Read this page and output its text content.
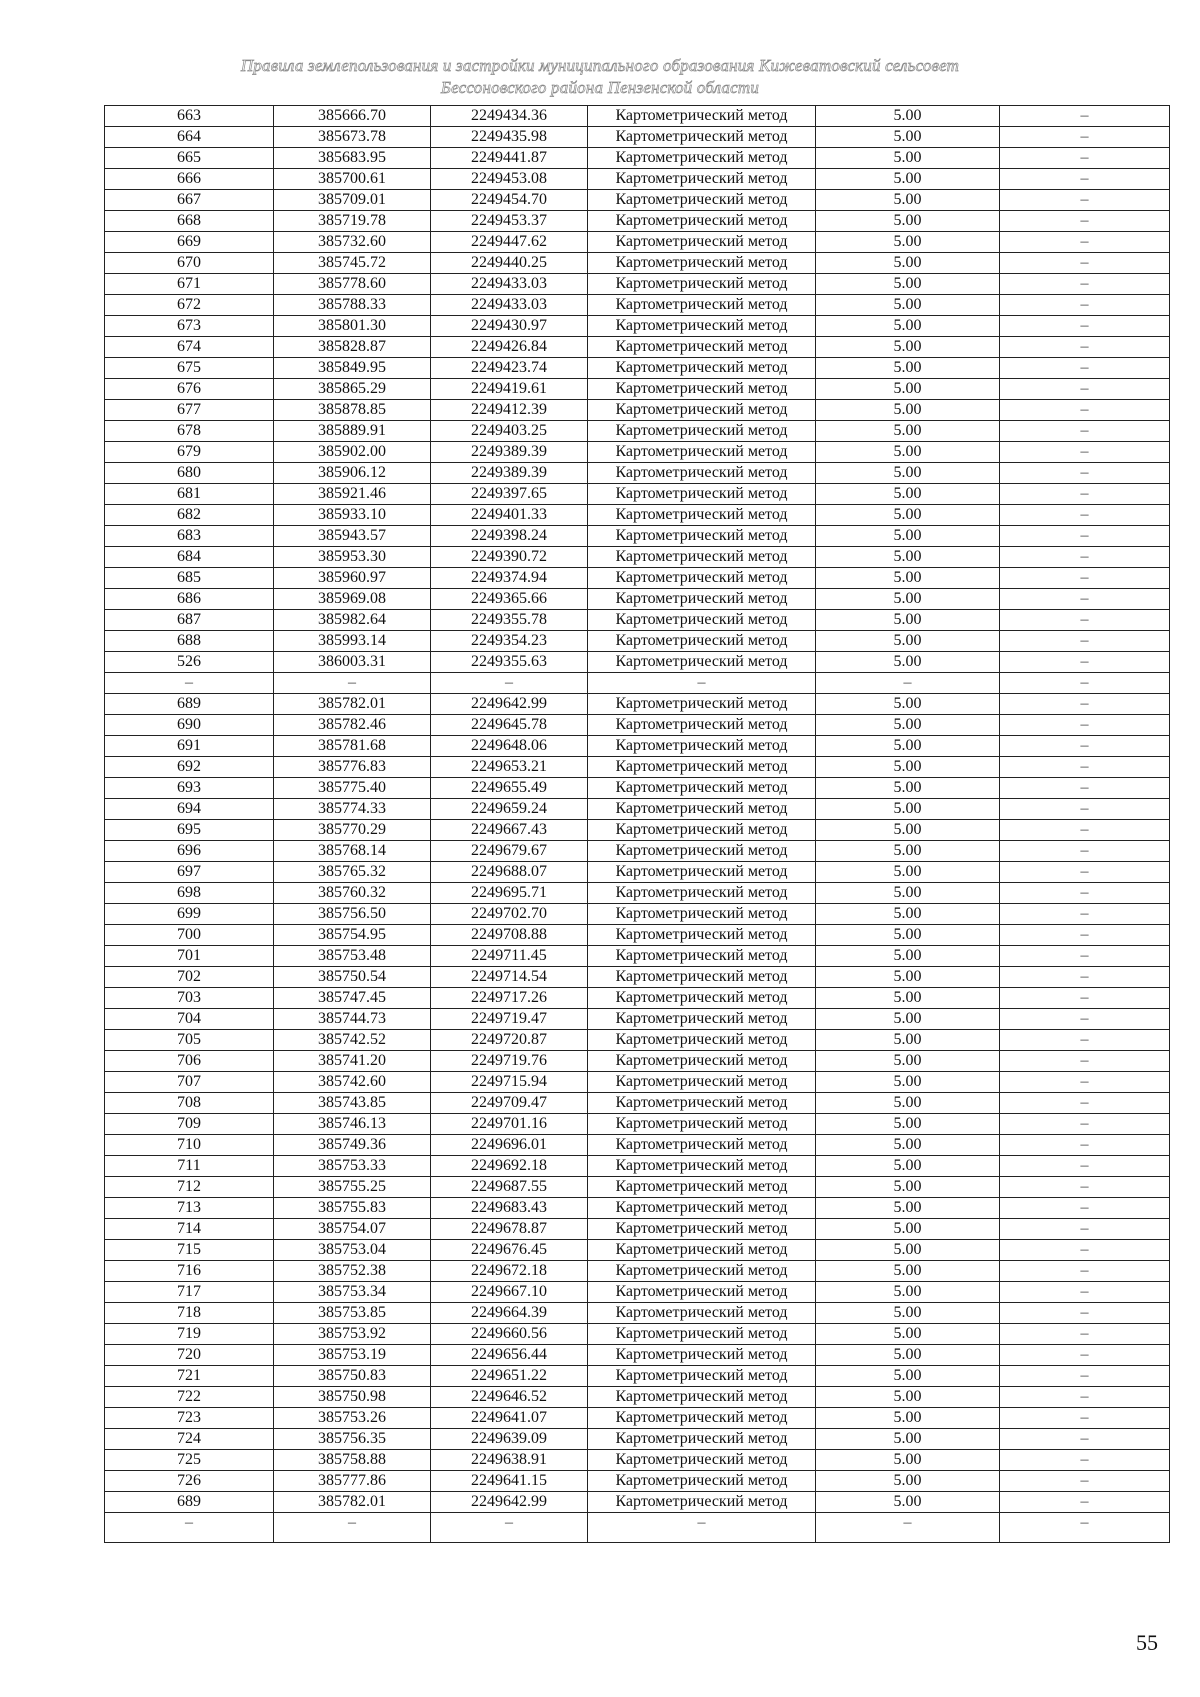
Правила землепользования и застройки муниципального образования Кижеватовский сельсовет
Бессоновского района Пензенской области
663	385666.70	2249434.36	Картометрический метод	5.00	–
664	385673.78	2249435.98	Картометрический метод	5.00	–
665	385683.95	2249441.87	Картометрический метод	5.00	–
666	385700.61	2249453.08	Картометрический метод	5.00	–
667	385709.01	2249454.70	Картометрический метод	5.00	–
668	385719.78	2249453.37	Картометрический метод	5.00	–
669	385732.60	2249447.62	Картометрический метод	5.00	–
670	385745.72	2249440.25	Картометрический метод	5.00	–
671	385778.60	2249433.03	Картометрический метод	5.00	–
672	385788.33	2249433.03	Картометрический метод	5.00	–
673	385801.30	2249430.97	Картометрический метод	5.00	–
674	385828.87	2249426.84	Картометрический метод	5.00	–
675	385849.95	2249423.74	Картометрический метод	5.00	–
676	385865.29	2249419.61	Картометрический метод	5.00	–
677	385878.85	2249412.39	Картометрический метод	5.00	–
678	385889.91	2249403.25	Картометрический метод	5.00	–
679	385902.00	2249389.39	Картометрический метод	5.00	–
680	385906.12	2249389.39	Картометрический метод	5.00	–
681	385921.46	2249397.65	Картометрический метод	5.00	–
682	385933.10	2249401.33	Картометрический метод	5.00	–
683	385943.57	2249398.24	Картометрический метод	5.00	–
684	385953.30	2249390.72	Картометрический метод	5.00	–
685	385960.97	2249374.94	Картометрический метод	5.00	–
686	385969.08	2249365.66	Картометрический метод	5.00	–
687	385982.64	2249355.78	Картометрический метод	5.00	–
688	385993.14	2249354.23	Картометрический метод	5.00	–
526	386003.31	2249355.63	Картометрический метод	5.00	–
–	–	–	–	–	–
689	385782.01	2249642.99	Картометрический метод	5.00	–
690	385782.46	2249645.78	Картометрический метод	5.00	–
691	385781.68	2249648.06	Картометрический метод	5.00	–
692	385776.83	2249653.21	Картометрический метод	5.00	–
693	385775.40	2249655.49	Картометрический метод	5.00	–
694	385774.33	2249659.24	Картометрический метод	5.00	–
695	385770.29	2249667.43	Картометрический метод	5.00	–
696	385768.14	2249679.67	Картометрический метод	5.00	–
697	385765.32	2249688.07	Картометрический метод	5.00	–
698	385760.32	2249695.71	Картометрический метод	5.00	–
699	385756.50	2249702.70	Картометрический метод	5.00	–
700	385754.95	2249708.88	Картометрический метод	5.00	–
701	385753.48	2249711.45	Картометрический метод	5.00	–
702	385750.54	2249714.54	Картометрический метод	5.00	–
703	385747.45	2249717.26	Картометрический метод	5.00	–
704	385744.73	2249719.47	Картометрический метод	5.00	–
705	385742.52	2249720.87	Картометрический метод	5.00	–
706	385741.20	2249719.76	Картометрический метод	5.00	–
707	385742.60	2249715.94	Картометрический метод	5.00	–
708	385743.85	2249709.47	Картометрический метод	5.00	–
709	385746.13	2249701.16	Картометрический метод	5.00	–
710	385749.36	2249696.01	Картометрический метод	5.00	–
711	385753.33	2249692.18	Картометрический метод	5.00	–
712	385755.25	2249687.55	Картометрический метод	5.00	–
713	385755.83	2249683.43	Картометрический метод	5.00	–
714	385754.07	2249678.87	Картометрический метод	5.00	–
715	385753.04	2249676.45	Картометрический метод	5.00	–
716	385752.38	2249672.18	Картометрический метод	5.00	–
717	385753.34	2249667.10	Картометрический метод	5.00	–
718	385753.85	2249664.39	Картометрический метод	5.00	–
719	385753.92	2249660.56	Картометрический метод	5.00	–
720	385753.19	2249656.44	Картометрический метод	5.00	–
721	385750.83	2249651.22	Картометрический метод	5.00	–
722	385750.98	2249646.52	Картометрический метод	5.00	–
723	385753.26	2249641.07	Картометрический метод	5.00	–
724	385756.35	2249639.09	Картометрический метод	5.00	–
725	385758.88	2249638.91	Картометрический метод	5.00	–
726	385777.86	2249641.15	Картометрический метод	5.00	–
689	385782.01	2249642.99	Картометрический метод	5.00	–
–	–	–	–	–	–
55
